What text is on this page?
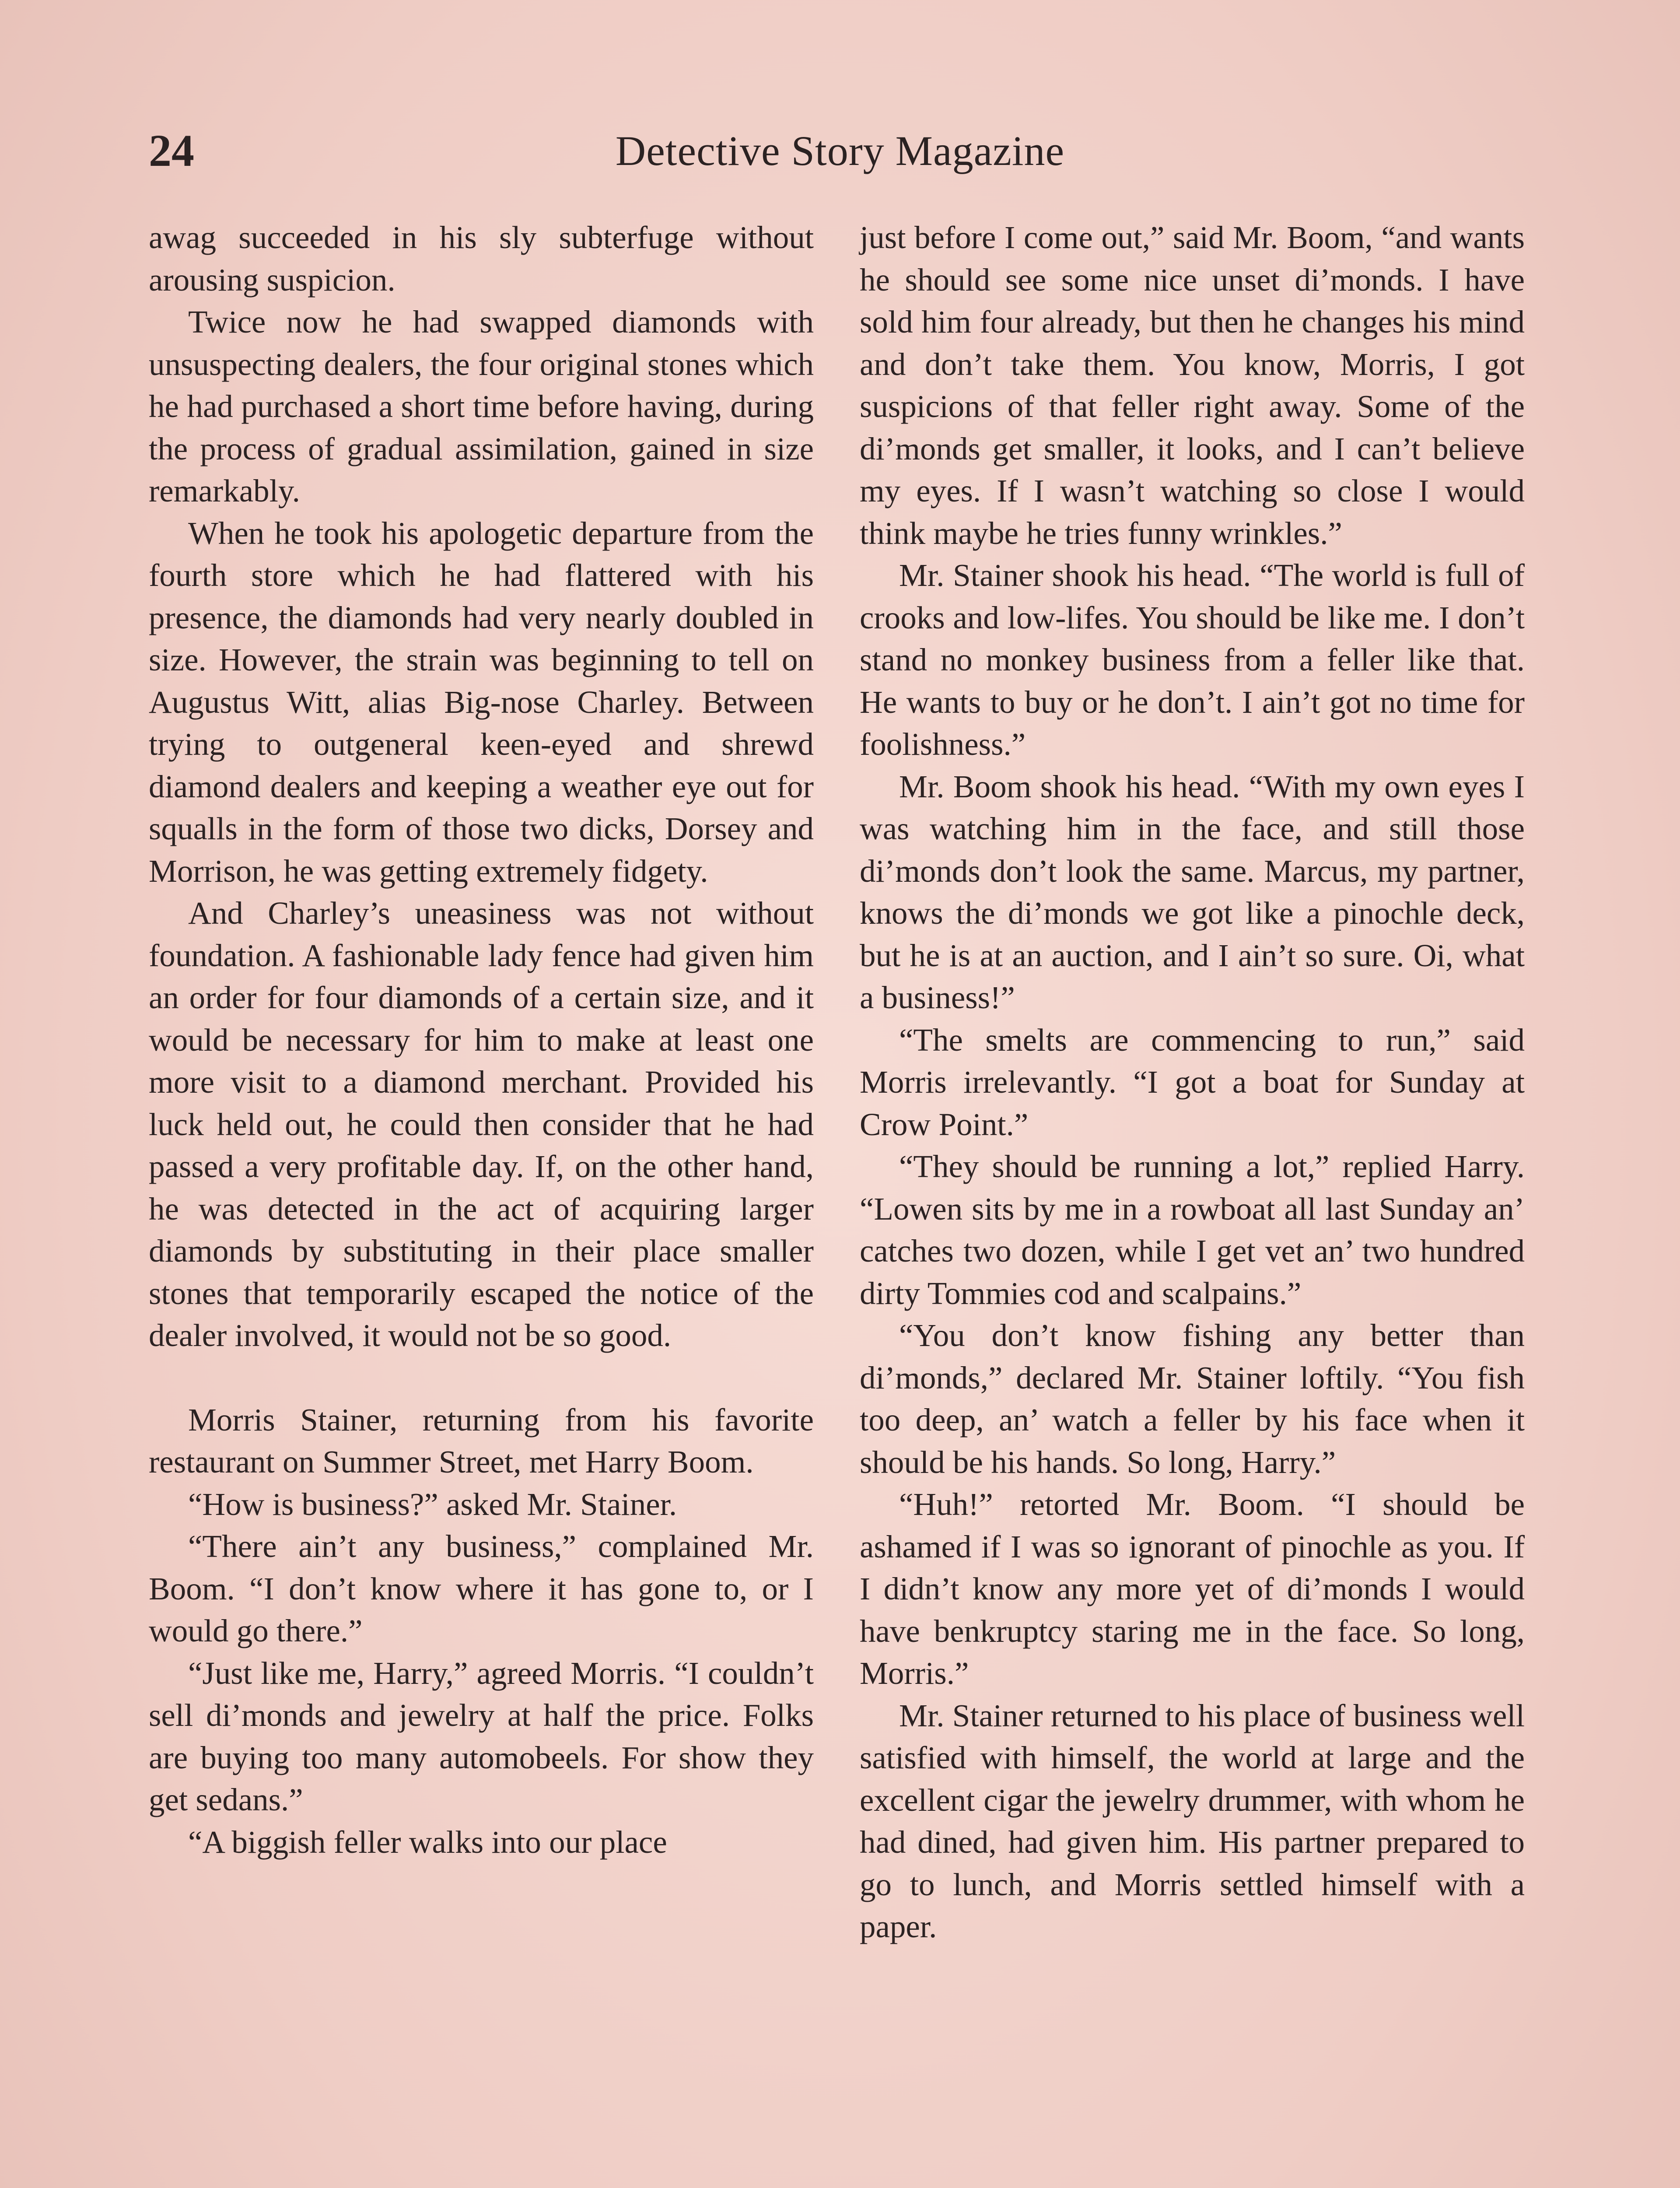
24	Detective Story Magazine

awag succeeded in his sly subterfuge without arousing suspicion.

Twice now he had swapped diamonds with unsuspecting dealers, the four original stones which he had purchased a short time before having, during the process of gradual assimilation, gained in size remarkably.

When he took his apologetic departure from the fourth store which he had flattered with his presence, the diamonds had very nearly doubled in size. However, the strain was beginning to tell on Augustus Witt, alias Big-nose Charley. Between trying to outgeneral keen-eyed and shrewd diamond dealers and keeping a weather eye out for squalls in the form of those two dicks, Dorsey and Morrison, he was getting extremely fidgety.

And Charley’s uneasiness was not without foundation. A fashionable lady fence had given him an order for four diamonds of a certain size, and it would be necessary for him to make at least one more visit to a diamond merchant. Provided his luck held out, he could then consider that he had passed a very profitable day. If, on the other hand, he was detected in the act of acquiring larger diamonds by substituting in their place smaller stones that temporarily escaped the notice of the dealer involved, it would not be so good.

Morris Stainer, returning from his favorite restaurant on Summer Street, met Harry Boom.

“How is business?” asked Mr. Stainer.

“There ain’t any business,” complained Mr. Boom. “I don’t know where it has gone to, or I would go there.”

“Just like me, Harry,” agreed Morris. “I couldn’t sell di’monds and jewelry at half the price. Folks are buying too many automobeels. For show they get sedans.”

“A biggish feller walks into our place

just before I come out,” said Mr. Boom, “and wants he should see some nice unset di’monds. I have sold him four already, but then he changes his mind and don’t take them. You know, Morris, I got suspicions of that feller right away. Some of the di’monds get smaller, it looks, and I can’t believe my eyes. If I wasn’t watching so close I would think maybe he tries funny wrinkles.”

Mr. Stainer shook his head. “The world is full of crooks and low-lifes. You should be like me. I don’t stand no monkey business from a feller like that. He wants to buy or he don’t. I ain’t got no time for foolishness.”

Mr. Boom shook his head. “With my own eyes I was watching him in the face, and still those di’monds don’t look the same. Marcus, my partner, knows the di’monds we got like a pinochle deck, but he is at an auction, and I ain’t so sure. Oi, what a business!”

“The smelts are commencing to run,” said Morris irrelevantly. “I got a boat for Sunday at Crow Point.”

“They should be running a lot,” replied Harry. “Lowen sits by me in a rowboat all last Sunday an’ catches two dozen, while I get vet an’ two hundred dirty Tommies cod and scalpains.”

“You don’t know fishing any better than di’monds,” declared Mr. Stainer loftily. “You fish too deep, an’ watch a feller by his face when it should be his hands. So long, Harry.”

“Huh!” retorted Mr. Boom. “I should be ashamed if I was so ignorant of pinochle as you. If I didn’t know any more yet of di’monds I would have benkruptcy staring me in the face. So long, Morris.”

Mr. Stainer returned to his place of business well satisfied with himself, the world at large and the excellent cigar the jewelry drummer, with whom he had dined, had given him. His partner prepared to go to lunch, and Morris settled himself with a paper.
